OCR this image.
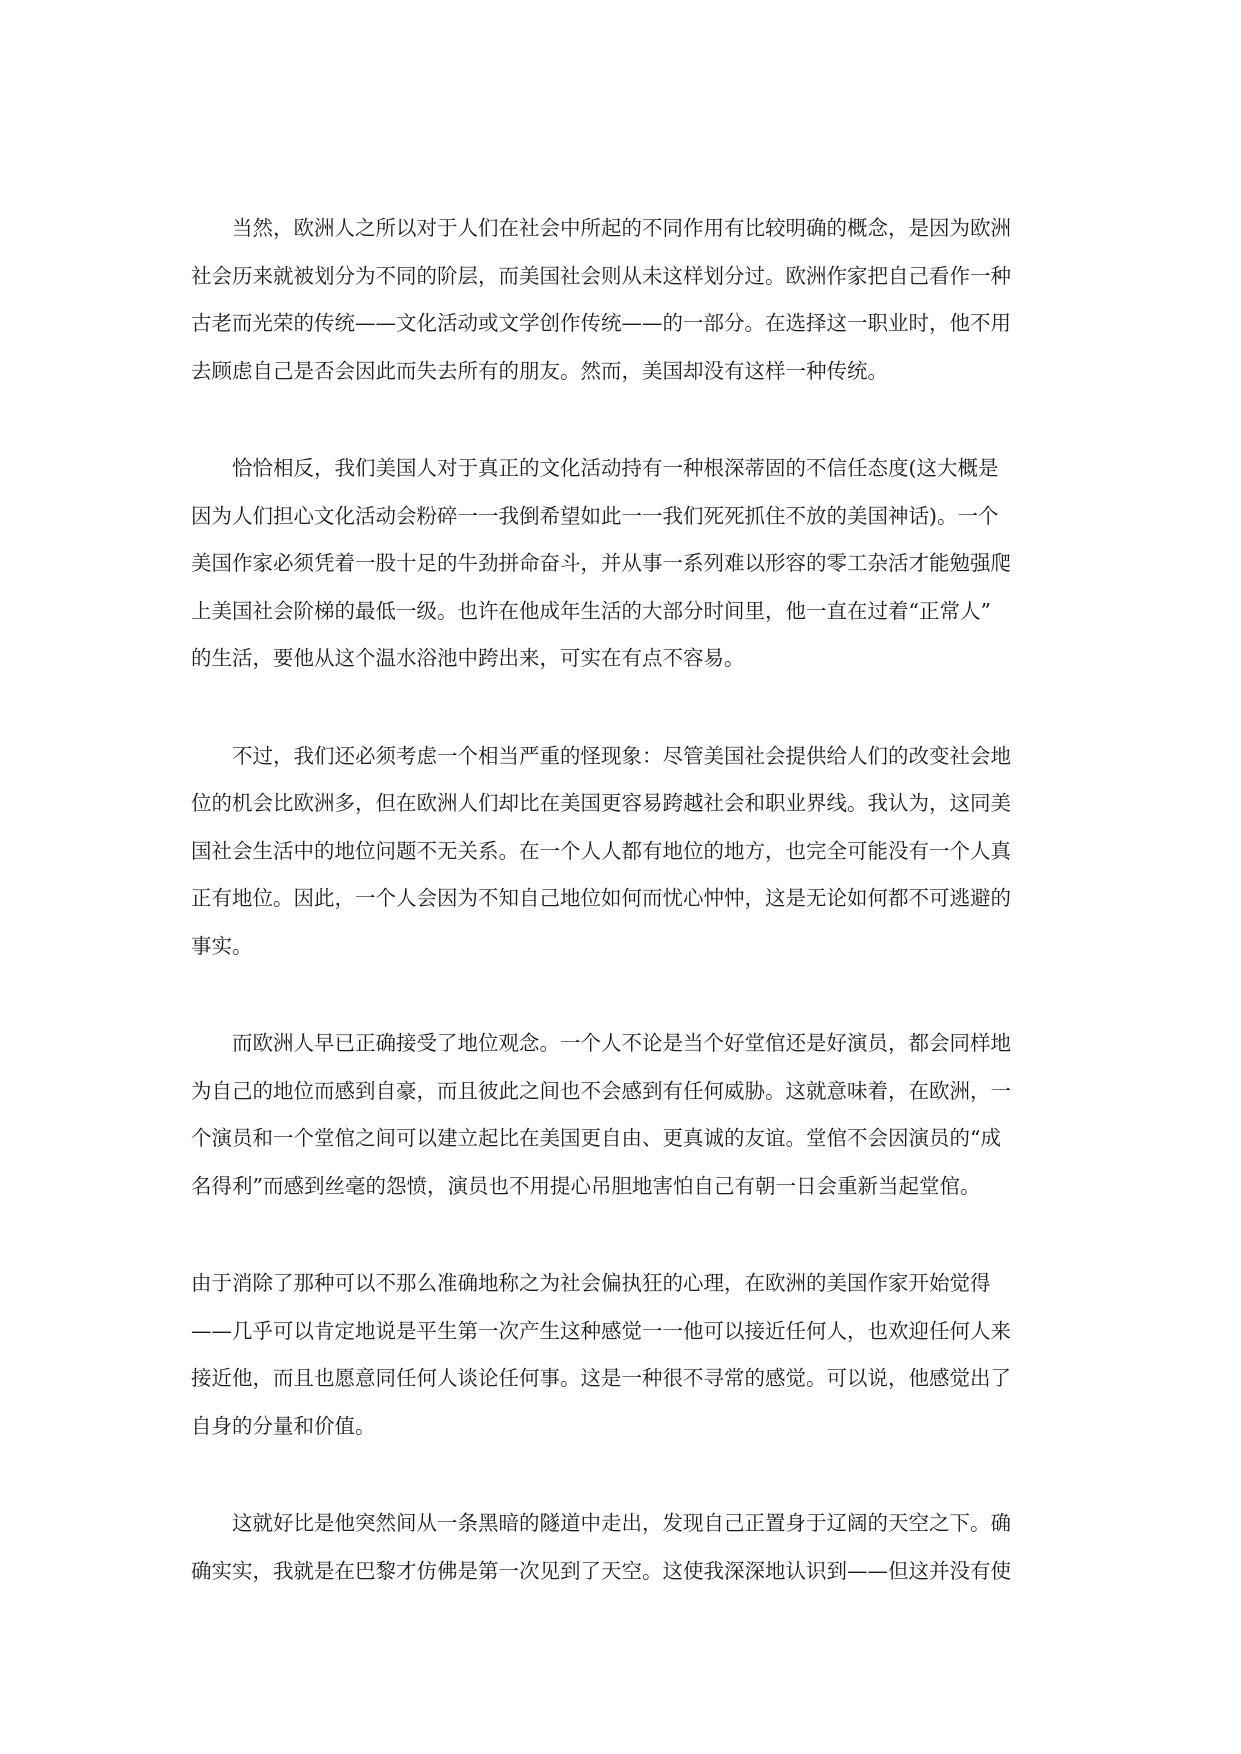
当然，欧洲人之所以对于人们在社会中所起的不同作用有比较明确的概念，是因为欧洲
社会历来就被划分为不同的阶层，而美国社会则从未这样划分过。欧洲作家把自己看作一种
古老而光荣的传统——文化活动或文学创作传统——的一部分。在选择这一职业时，他不用
去顾虑自己是否会因此而失去所有的朋友。然而，美国却没有这样一种传统。

恰恰相反，我们美国人对于真正的文化活动持有一种根深蒂固的不信任态度(这大概是
因为人们担心文化活动会粉碎一一我倒希望如此一一我们死死抓住不放的美国神话)。一个
美国作家必须凭着一股十足的牛劲拼命奋斗，并从事一系列难以形容的零工杂活才能勉强爬
上美国社会阶梯的最低一级。也许在他成年生活的大部分时间里，他一直在过着“正常人”
的生活，要他从这个温水浴池中跨出来，可实在有点不容易。

不过，我们还必须考虑一个相当严重的怪现象：尽管美国社会提供给人们的改变社会地
位的机会比欧洲多，但在欧洲人们却比在美国更容易跨越社会和职业界线。我认为，这同美
国社会生活中的地位问题不无关系。在一个人人都有地位的地方，也完全可能没有一个人真
正有地位。因此，一个人会因为不知自己地位如何而忧心忡忡，这是无论如何都不可逃避的
事实。

而欧洲人早已正确接受了地位观念。一个人不论是当个好堂倌还是好演员，都会同样地
为自己的地位而感到自豪，而且彼此之间也不会感到有任何威胁。这就意味着，在欧洲，一
个演员和一个堂倌之间可以建立起比在美国更自由、更真诚的友谊。堂倌不会因演员的“成
名得利”而感到丝毫的怨愤，演员也不用提心吊胆地害怕自己有朝一日会重新当起堂倌。

由于消除了那种可以不那么准确地称之为社会偏执狂的心理，在欧洲的美国作家开始觉得
——几乎可以肯定地说是平生第一次产生这种感觉一一他可以接近任何人，也欢迎任何人来
接近他，而且也愿意同任何人谈论任何事。这是一种很不寻常的感觉。可以说，他感觉出了
自身的分量和价值。

这就好比是他突然间从一条黑暗的隧道中走出，发现自己正置身于辽阔的天空之下。确
确实实，我就是在巴黎才仿佛是第一次见到了天空。这使我深深地认识到——但这并没有使
